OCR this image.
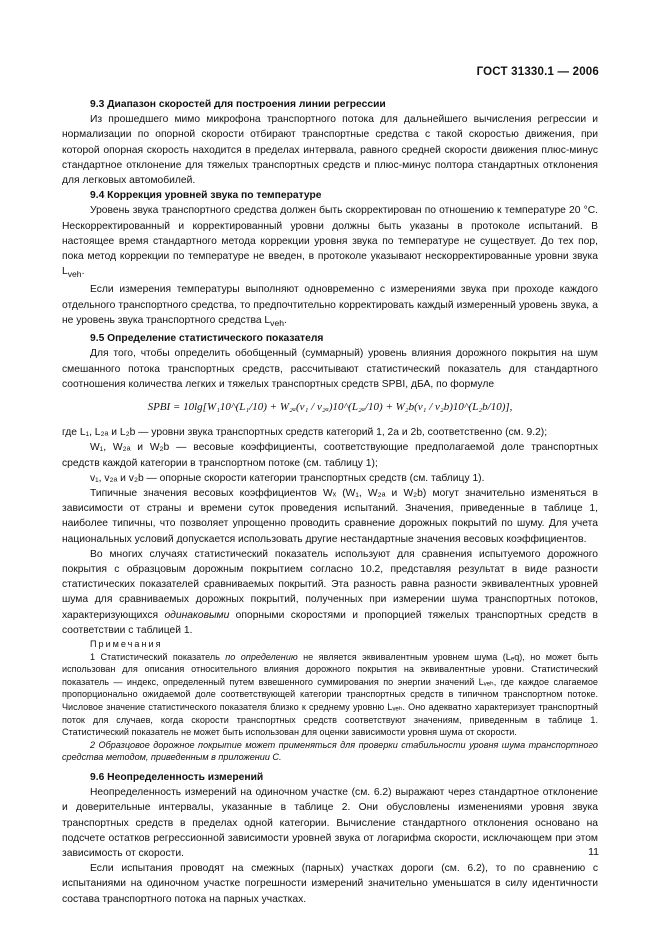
ГОСТ 31330.1 — 2006

9.3 Диапазон скоростей для построения линии регрессии

Из прошедшего мимо микрофона транспортного потока для дальнейшего вычисления регрессии и нормализации по опорной скорости отбирают транспортные средства с такой скоростью движения, при которой опорная скорость находится в пределах интервала, равного средней скорости движения плюс-минус стандартное отклонение для тяжелых транспортных средств и плюс-минус полтора стандартных отклонения для легковых автомобилей.

9.4 Коррекция уровней звука по температуре

Уровень звука транспортного средства должен быть скорректирован по отношению к температуре 20 °С. Нескорректированный и корректированный уровни должны быть указаны в протоколе испытаний. В настоящее время стандартного метода коррекции уровня звука по температуре не существует. До тех пор, пока метод коррекции по температуре не введен, в протоколе указывают нескорректированные уровни звука $L_{veh}$.

Если измерения температуры выполняют одновременно с измерениями звука при проходе каждого отдельного транспортного средства, то предпочтительно корректировать каждый измеренный уровень звука, а не уровень звука транспортного средства $L_{veh}$.

9.5 Определение статистического показателя

Для того, чтобы определить обобщенный (суммарный) уровень влияния дорожного покрытия на шум смешанного потока транспортных средств, рассчитывают статистический показатель для стандартного соотношения количества легких и тяжелых транспортных средств SPBI, дБА, по формуле

SPBI = 10lg[W₁10^(L₁/10) + W₂ₐ(v₁ / v₂ₐ)10^(L₂ₐ/10) + W₂b(v₁ / v₂b)10^(L₂b/10)],

где L₁, L₂ₐ и L₂b — уровни звука транспортных средств категорий 1, 2а и 2b, соответственно (см. 9.2);

W₁, W₂ₐ и W₂b — весовые коэффициенты, соответствующие предполагаемой доле транспортных средств каждой категории в транспортном потоке (см. таблицу 1);

v₁, v₂ₐ и v₂b — опорные скорости категории транспортных средств (см. таблицу 1).

Типичные значения весовых коэффициентов Wₓ (W₁, W₂ₐ и W₂b) могут значительно изменяться в зависимости от страны и времени суток проведения испытаний. Значения, приведенные в таблице 1, наиболее типичны, что позволяет упрощенно проводить сравнение дорожных покрытий по шуму. Для учета национальных условий допускается использовать другие нестандартные значения весовых коэффициентов.

Во многих случаях статистический показатель используют для сравнения испытуемого дорожного покрытия с образцовым дорожным покрытием согласно 10.2, представляя результат в виде разности статистических показателей сравниваемых покрытий. Эта разность равна разности эквивалентных уровней шума для сравниваемых дорожных покрытий, полученных при измерении шума транспортных потоков, характеризующихся одинаковыми опорными скоростями и пропорцией тяжелых транспортных средств в соответствии с таблицей 1.

Примечания

1 Статистический показатель по определению не является эквивалентным уровнем шума (Lₑq), но может быть использован для описания относительного влияния дорожного покрытия на эквивалентные уровни. Статистический показатель — индекс, определенный путем взвешенного суммирования по энергии значений Lᵥₑₕ, где каждое слагаемое пропорционально ожидаемой доле соответствующей категории транспортных средств в типичном транспортном потоке. Числовое значение статистического показателя близко к среднему уровню Lᵥₑₕ. Оно адекватно характеризует транспортный поток для случаев, когда скорости транспортных средств соответствуют значениям, приведенным в таблице 1. Статистический показатель не может быть использован для оценки зависимости уровня шума от скорости.

2 Образцовое дорожное покрытие может применяться для проверки стабильности уровня шума транспортного средства методом, приведенным в приложении С.

9.6 Неопределенность измерений

Неопределенность измерений на одиночном участке (см. 6.2) выражают через стандартное отклонение и доверительные интервалы, указанные в таблице 2. Они обусловлены изменениями уровня звука транспортных средств в пределах одной категории. Вычисление стандартного отклонения основано на подсчете остатков регрессионной зависимости уровней звука от логарифма скорости, исключающем при этом зависимость от скорости.

Если испытания проводят на смежных (парных) участках дороги (см. 6.2), то по сравнению с испытаниями на одиночном участке погрешности измерений значительно уменьшатся в силу идентичности состава транспортного потока на парных участках.

11
